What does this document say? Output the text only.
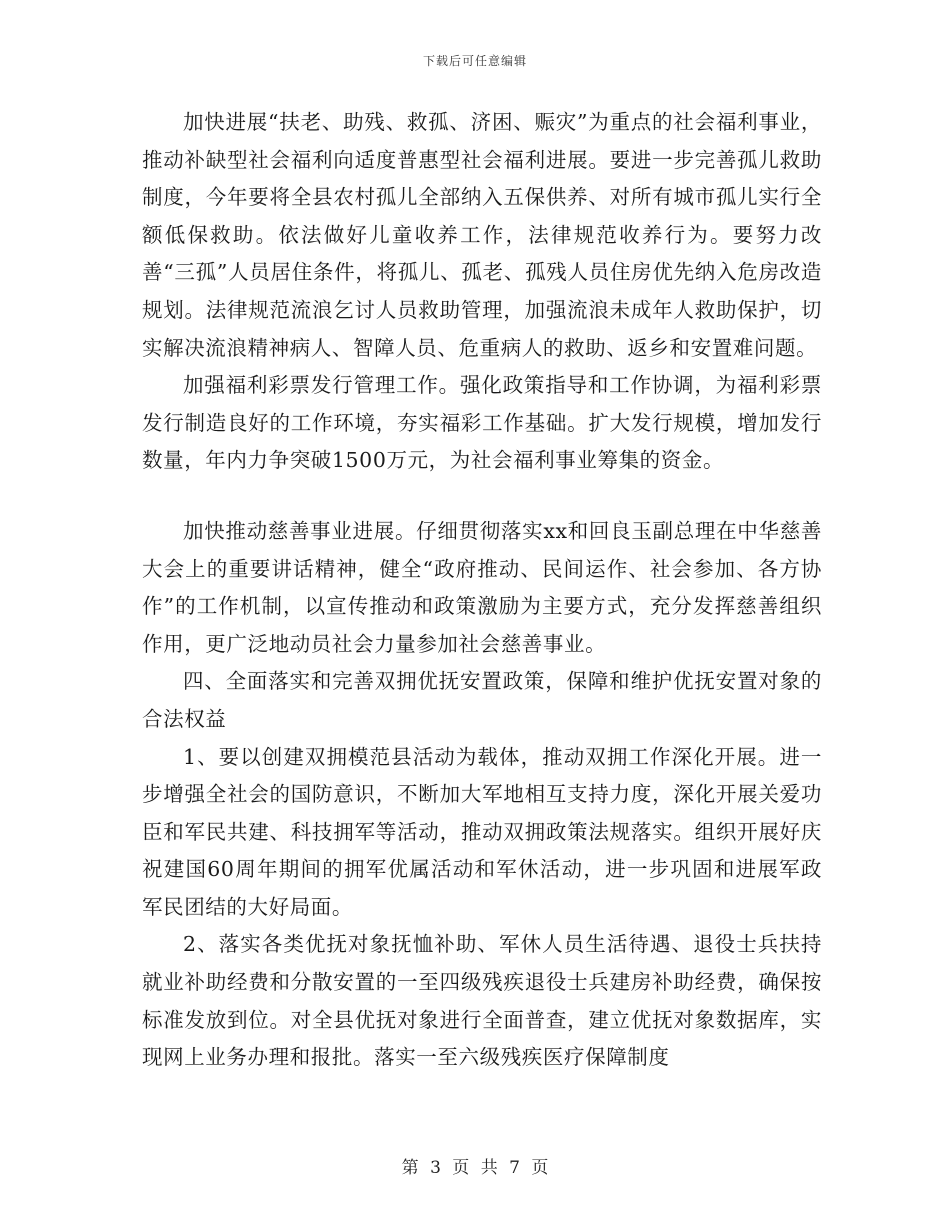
下载后可任意编辑

加快进展“扶老、助残、救孤、济困、赈灾”为重点的社会福利事业，推动补缺型社会福利向适度普惠型社会福利进展。要进一步完善孤儿救助制度，今年要将全县农村孤儿全部纳入五保供养、对所有城市孤儿实行全额低保救助。依法做好儿童收养工作，法律规范收养行为。要努力改善“三孤”人员居住条件，将孤儿、孤老、孤残人员住房优先纳入危房改造规划。法律规范流浪乞讨人员救助管理，加强流浪未成年人救助保护，切实解决流浪精神病人、智障人员、危重病人的救助、返乡和安置难问题。

加强福利彩票发行管理工作。强化政策指导和工作协调，为福利彩票发行制造良好的工作环境，夯实福彩工作基础。扩大发行规模，增加发行数量，年内力争突破1500万元，为社会福利事业筹集的资金。

加快推动慈善事业进展。仔细贯彻落实xx和回良玉副总理在中华慈善大会上的重要讲话精神，健全“政府推动、民间运作、社会参加、各方协作”的工作机制，以宣传推动和政策激励为主要方式，充分发挥慈善组织作用，更广泛地动员社会力量参加社会慈善事业。

四、全面落实和完善双拥优抚安置政策，保障和维护优抚安置对象的合法权益

1、要以创建双拥模范县活动为载体，推动双拥工作深化开展。进一步增强全社会的国防意识，不断加大军地相互支持力度，深化开展关爱功臣和军民共建、科技拥军等活动，推动双拥政策法规落实。组织开展好庆祝建国60周年期间的拥军优属活动和军休活动，进一步巩固和进展军政军民团结的大好局面。

2、落实各类优抚对象抚恤补助、军休人员生活待遇、退役士兵扶持就业补助经费和分散安置的一至四级残疾退役士兵建房补助经费，确保按标准发放到位。对全县优抚对象进行全面普查，建立优抚对象数据库，实现网上业务办理和报批。落实一至六级残疾医疗保障制度

第 3 页 共 7 页
